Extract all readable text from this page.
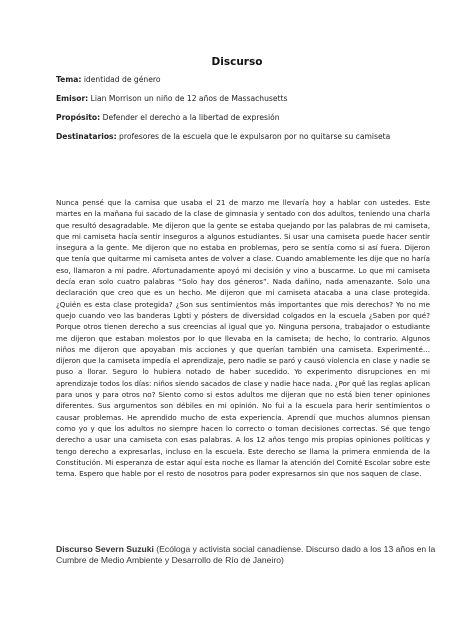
Discurso
Tema: identidad de género
Emisor: Lian Morrison un niño de 12 años de Massachusetts
Propósito: Defender el derecho a la libertad de expresión
Destinatarios: profesores de la escuela que le expulsaron por no quitarse su camiseta
Nunca pensé que la camisa que usaba el 21 de marzo me llevaría hoy a hablar con ustedes. Este martes en la mañana fui sacado de la clase de gimnasia y sentado con dos adultos, teniendo una charla que resultó desagradable. Me dijeron que la gente se estaba quejando por las palabras de mi camiseta, que mi camiseta hacía sentir inseguros a algunos estudiantes. Si usar una camiseta puede hacer sentir insegura a la gente. Me dijeron que no estaba en problemas, pero se sentía como si así fuera. Dijeron que tenía que quitarme mi camiseta antes de volver a clase. Cuando amablemente les dije que no haría eso, llamaron a mi padre. Afortunadamente apoyó mi decisión y vino a buscarme. Lo que mi camiseta decía eran solo cuatro palabras “Solo hay dos géneros”. Nada dañino, nada amenazante. Solo una declaración que creo que es un hecho. Me dijeron que mi camiseta atacaba a una clase protegida. ¿Quién es esta clase protegida? ¿Son sus sentimientos más importantes que mis derechos? Yo no me quejo cuando veo las banderas Lgbti y pósters de diversidad colgados en la escuela ¿Saben por qué? Porque otros tienen derecho a sus creencias al igual que yo. Ninguna persona, trabajador o estudiante me dijeron que estaban molestos por lo que llevaba en la camiseta; de hecho, lo contrario. Algunos niños me dijeron que apoyaban mis acciones y que querían también una camiseta. Experimenté… dijeron que la camiseta impedía el aprendizaje, pero nadie se paró y causó violencia en clase y nadie se puso a llorar. Seguro lo hubiera notado de haber sucedido. Yo experimento disrupciones en mi aprendizaje todos los días: niños siendo sacados de clase y nadie hace nada. ¿Por qué las reglas aplican para unos y para otros no? Siento como si estos adultos me dijeran que no está bien tener opiniones diferentes. Sus argumentos son débiles en mi opinión. No fui a la escuela para herir sentimientos o causar problemas. He aprendido mucho de esta experiencia. Aprendí que muchos alumnos piensan como yo y que los adultos no siempre hacen lo correcto o toman decisiones correctas. Sé que tengo derecho a usar una camiseta con esas palabras. A los 12 años tengo mis propias opiniones políticas y tengo derecho a expresarlas, incluso en la escuela. Este derecho se llama la primera enmienda de la Constitución. Mi esperanza de estar aquí esta noche es llamar la atención del Comité Escolar sobre este tema. Espero que hable por el resto de nosotros para poder expresarnos sin que nos saquen de clase.
Discurso Severn Suzuki (Ecóloga y activista social canadiense. Discurso dado a los 13 años en la Cumbre de Medio Ambiente y Desarrollo de Río de Janeiro)
